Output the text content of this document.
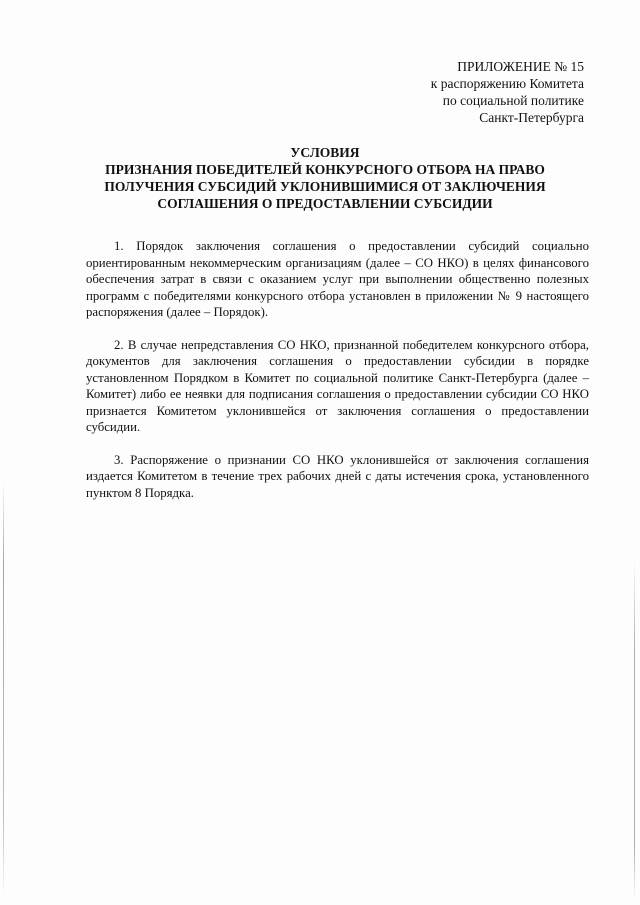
ПРИЛОЖЕНИЕ № 15
к распоряжению Комитета
по социальной политике
Санкт-Петербурга
УСЛОВИЯ
ПРИЗНАНИЯ ПОБЕДИТЕЛЕЙ КОНКУРСНОГО ОТБОРА НА ПРАВО
ПОЛУЧЕНИЯ СУБСИДИЙ УКЛОНИВШИМИСЯ ОТ ЗАКЛЮЧЕНИЯ
СОГЛАШЕНИЯ О ПРЕДОСТАВЛЕНИИ СУБСИДИИ

1. Порядок заключения соглашения о предоставлении субсидий социально ориентированным некоммерческим организациям (далее – СО НКО) в целях финансового обеспечения затрат в связи с оказанием услуг при выполнении общественно полезных программ с победителями конкурсного отбора установлен в приложении № 9 настоящего распоряжения (далее – Порядок).

2. В случае непредставления СО НКО, признанной победителем конкурсного отбора, документов для заключения соглашения о предоставлении субсидии в порядке установленном Порядком в Комитет по социальной политике Санкт-Петербурга (далее – Комитет) либо ее неявки для подписания соглашения о предоставлении субсидии СО НКО признается Комитетом уклонившейся от заключения соглашения о предоставлении субсидии.

3. Распоряжение о признании СО НКО уклонившейся от заключения соглашения издается Комитетом в течение трех рабочих дней с даты истечения срока, установленного пунктом 8 Порядка.
